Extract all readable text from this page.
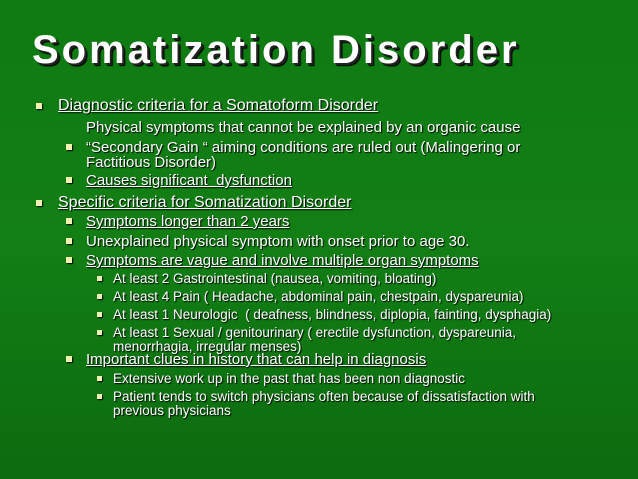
Somatization Disorder
Diagnostic criteria for a Somatoform Disorder
Physical symptoms that cannot be explained by an organic cause
“Secondary Gain “ aiming conditions are ruled out (Malingering or
Factitious Disorder)
Causes significant  dysfunction
Specific criteria for Somatization Disorder
Symptoms longer than 2 years
Unexplained physical symptom with onset prior to age 30.
Symptoms are vague and involve multiple organ symptoms
At least 2 Gastrointestinal (nausea, vomiting, bloating)
At least 4 Pain ( Headache, abdominal pain, chestpain, dyspareunia)
At least 1 Neurologic  ( deafness, blindness, diplopia, fainting, dysphagia)
At least 1 Sexual / genitourinary ( erectile dysfunction, dyspareunia,
menorrhagia, irregular menses)
Important clues in history that can help in diagnosis
Extensive work up in the past that has been non diagnostic
Patient tends to switch physicians often because of dissatisfaction with
previous physicians
